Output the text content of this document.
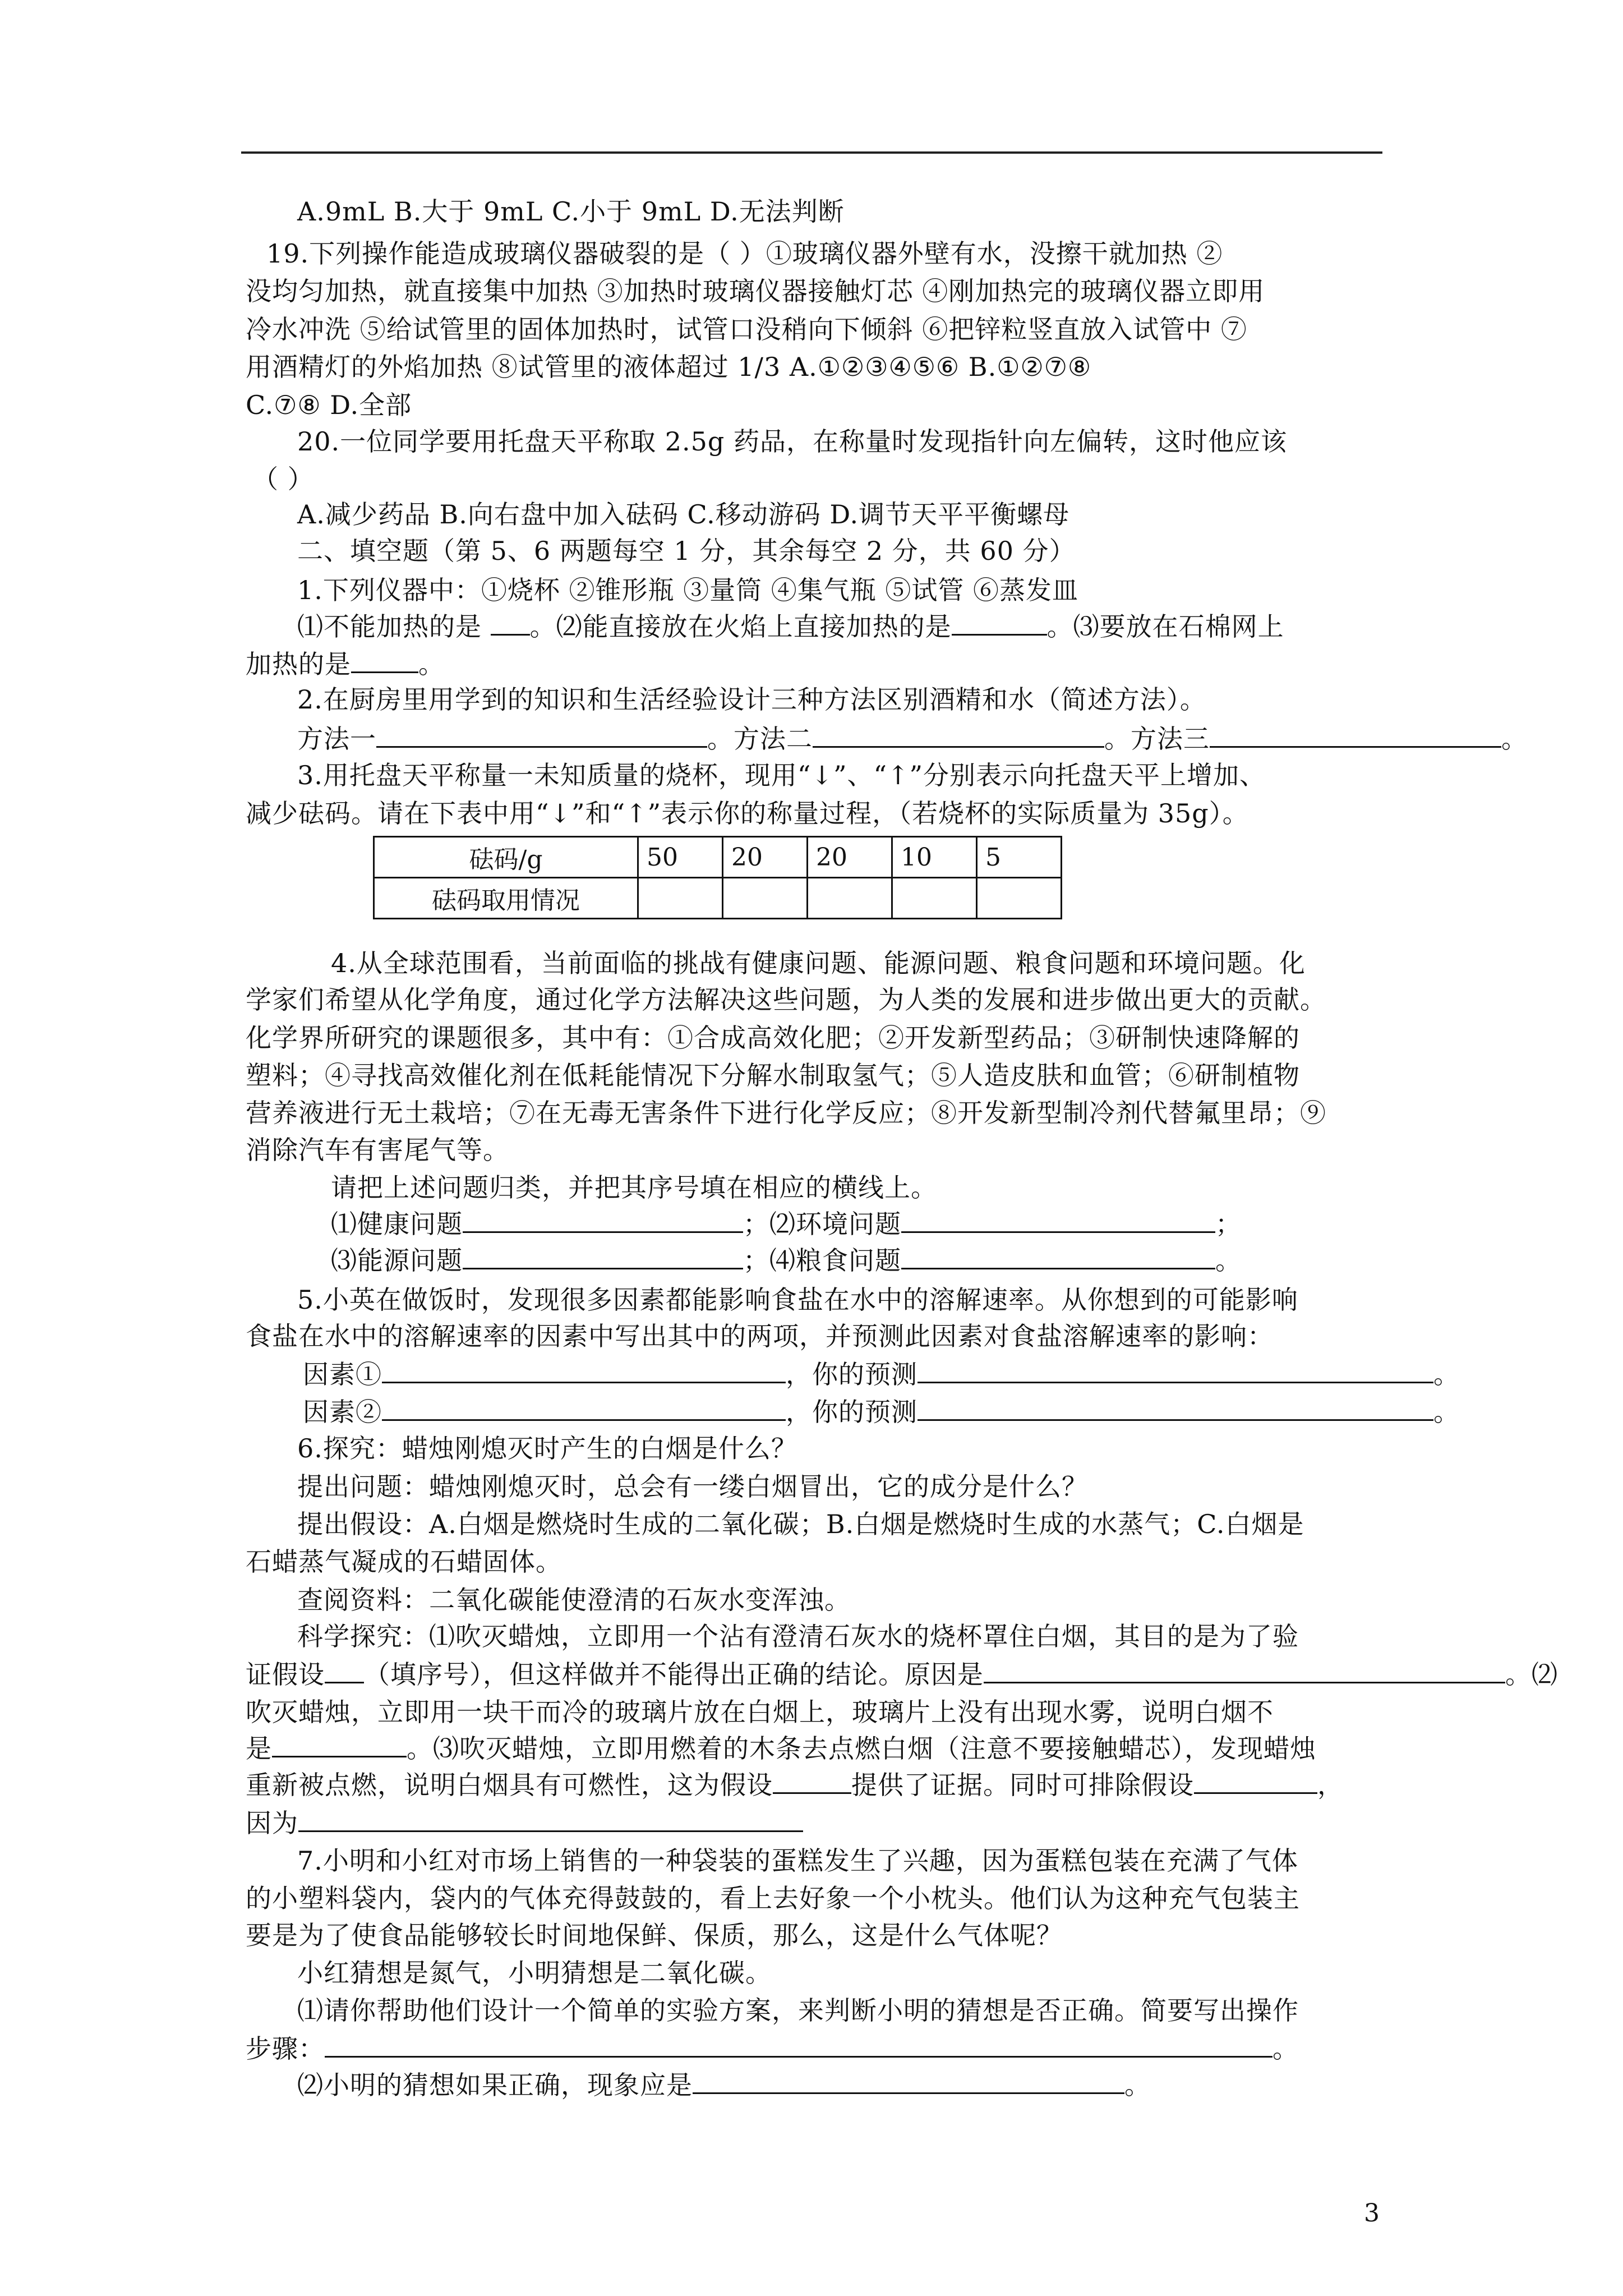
A.9mL B.大于 9mL C.小于 9mL D.无法判断
19.下列操作能造成玻璃仪器破裂的是（ ）①玻璃仪器外壁有水，没擦干就加热 ②
没均匀加热，就直接集中加热 ③加热时玻璃仪器接触灯芯 ④刚加热完的玻璃仪器立即用
冷水冲洗 ⑤给试管里的固体加热时，试管口没稍向下倾斜 ⑥把锌粒竖直放入试管中 ⑦
用酒精灯的外焰加热 ⑧试管里的液体超过 1/3 A.①②③④⑤⑥ B.①②⑦⑧
C.⑦⑧ D.全部
20.一位同学要用托盘天平称取 2.5g 药品，在称量时发现指针向左偏转，这时他应该
（ ）
A.减少药品 B.向右盘中加入砝码 C.移动游码 D.调节天平平衡螺母
二、填空题（第 5、6 两题每空 1 分，其余每空 2 分，共 60 分）
1.下列仪器中：①烧杯 ②锥形瓶 ③量筒 ④集气瓶 ⑤试管 ⑥蒸发皿
⑴不能加热的是 。⑵能直接放在火焰上直接加热的是	。⑶要放在石棉网上
加热的是	。
2.在厨房里用学到的知识和生活经验设计三种方法区别酒精和水（简述方法）。
方法一	。方法二	。方法三	。
3.用托盘天平称量一未知质量的烧杯，现用“↓”、“↑”分别表示向托盘天平上增加、
减少砝码。请在下表中用“↓”和“↑”表示你的称量过程，（若烧杯的实际质量为 35g）。
砝码/g	50	20	20	10	5
砝码取用情况					
4.从全球范围看，当前面临的挑战有健康问题、能源问题、粮食问题和环境问题。化
学家们希望从化学角度，通过化学方法解决这些问题，为人类的发展和进步做出更大的贡献。
化学界所研究的课题很多，其中有：①合成高效化肥；②开发新型药品；③研制快速降解的
塑料；④寻找高效催化剂在低耗能情况下分解水制取氢气；⑤人造皮肤和血管；⑥研制植物
营养液进行无土栽培；⑦在无毒无害条件下进行化学反应；⑧开发新型制冷剂代替氟里昂；⑨
消除汽车有害尾气等。
请把上述问题归类，并把其序号填在相应的横线上。
⑴健康问题	；⑵环境问题	；
⑶能源问题	；⑷粮食问题	。
5.小英在做饭时，发现很多因素都能影响食盐在水中的溶解速率。从你想到的可能影响
食盐在水中的溶解速率的因素中写出其中的两项，并预测此因素对食盐溶解速率的影响：
因素①	，你的预测	。
因素②	，你的预测	。
6.探究：蜡烛刚熄灭时产生的白烟是什么？
提出问题：蜡烛刚熄灭时，总会有一缕白烟冒出，它的成分是什么？
提出假设：A.白烟是燃烧时生成的二氧化碳；B.白烟是燃烧时生成的水蒸气；C.白烟是
石蜡蒸气凝成的石蜡固体。
查阅资料：二氧化碳能使澄清的石灰水变浑浊。
科学探究：⑴吹灭蜡烛，立即用一个沾有澄清石灰水的烧杯罩住白烟，其目的是为了验
证假设 （填序号），但这样做并不能得出正确的结论。原因是	。⑵
吹灭蜡烛，立即用一块干而冷的玻璃片放在白烟上，玻璃片上没有出现水雾，说明白烟不
是	。⑶吹灭蜡烛，立即用燃着的木条去点燃白烟（注意不要接触蜡芯），发现蜡烛
重新被点燃，说明白烟具有可燃性，这为假设	提供了证据。同时可排除假设	，
因为
7.小明和小红对市场上销售的一种袋装的蛋糕发生了兴趣，因为蛋糕包装在充满了气体
的小塑料袋内，袋内的气体充得鼓鼓的，看上去好象一个小枕头。他们认为这种充气包装主
要是为了使食品能够较长时间地保鲜、保质，那么，这是什么气体呢？
小红猜想是氮气，小明猜想是二氧化碳。
⑴请你帮助他们设计一个简单的实验方案，来判断小明的猜想是否正确。简要写出操作
步骤：	。
⑵小明的猜想如果正确，现象应是	。
3
